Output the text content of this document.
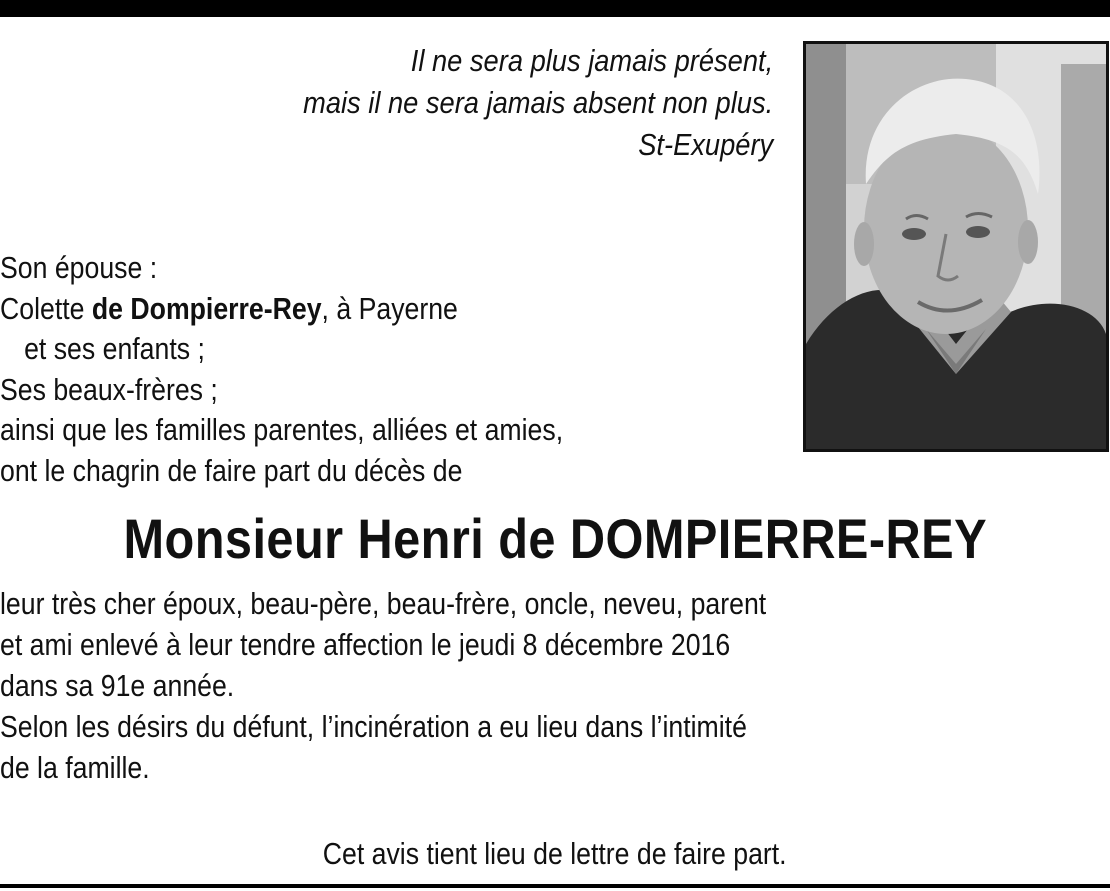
Il ne sera plus jamais présent,
mais il ne sera jamais absent non plus.
St-Exupéry
Son épouse :
Colette de Dompierre-Rey, à Payerne
et ses enfants ;
Ses beaux-frères ;
ainsi que les familles parentes, alliées et amies,
ont le chagrin de faire part du décès de
Monsieur Henri de DOMPIERRE-REY
leur très cher époux, beau-père, beau-frère, oncle, neveu, parent
et ami enlevé à leur tendre affection le jeudi 8 décembre 2016
dans sa 91e année.
Selon les désirs du défunt, l’incinération a eu lieu dans l’intimité
de la famille.
Cet avis tient lieu de lettre de faire part.
